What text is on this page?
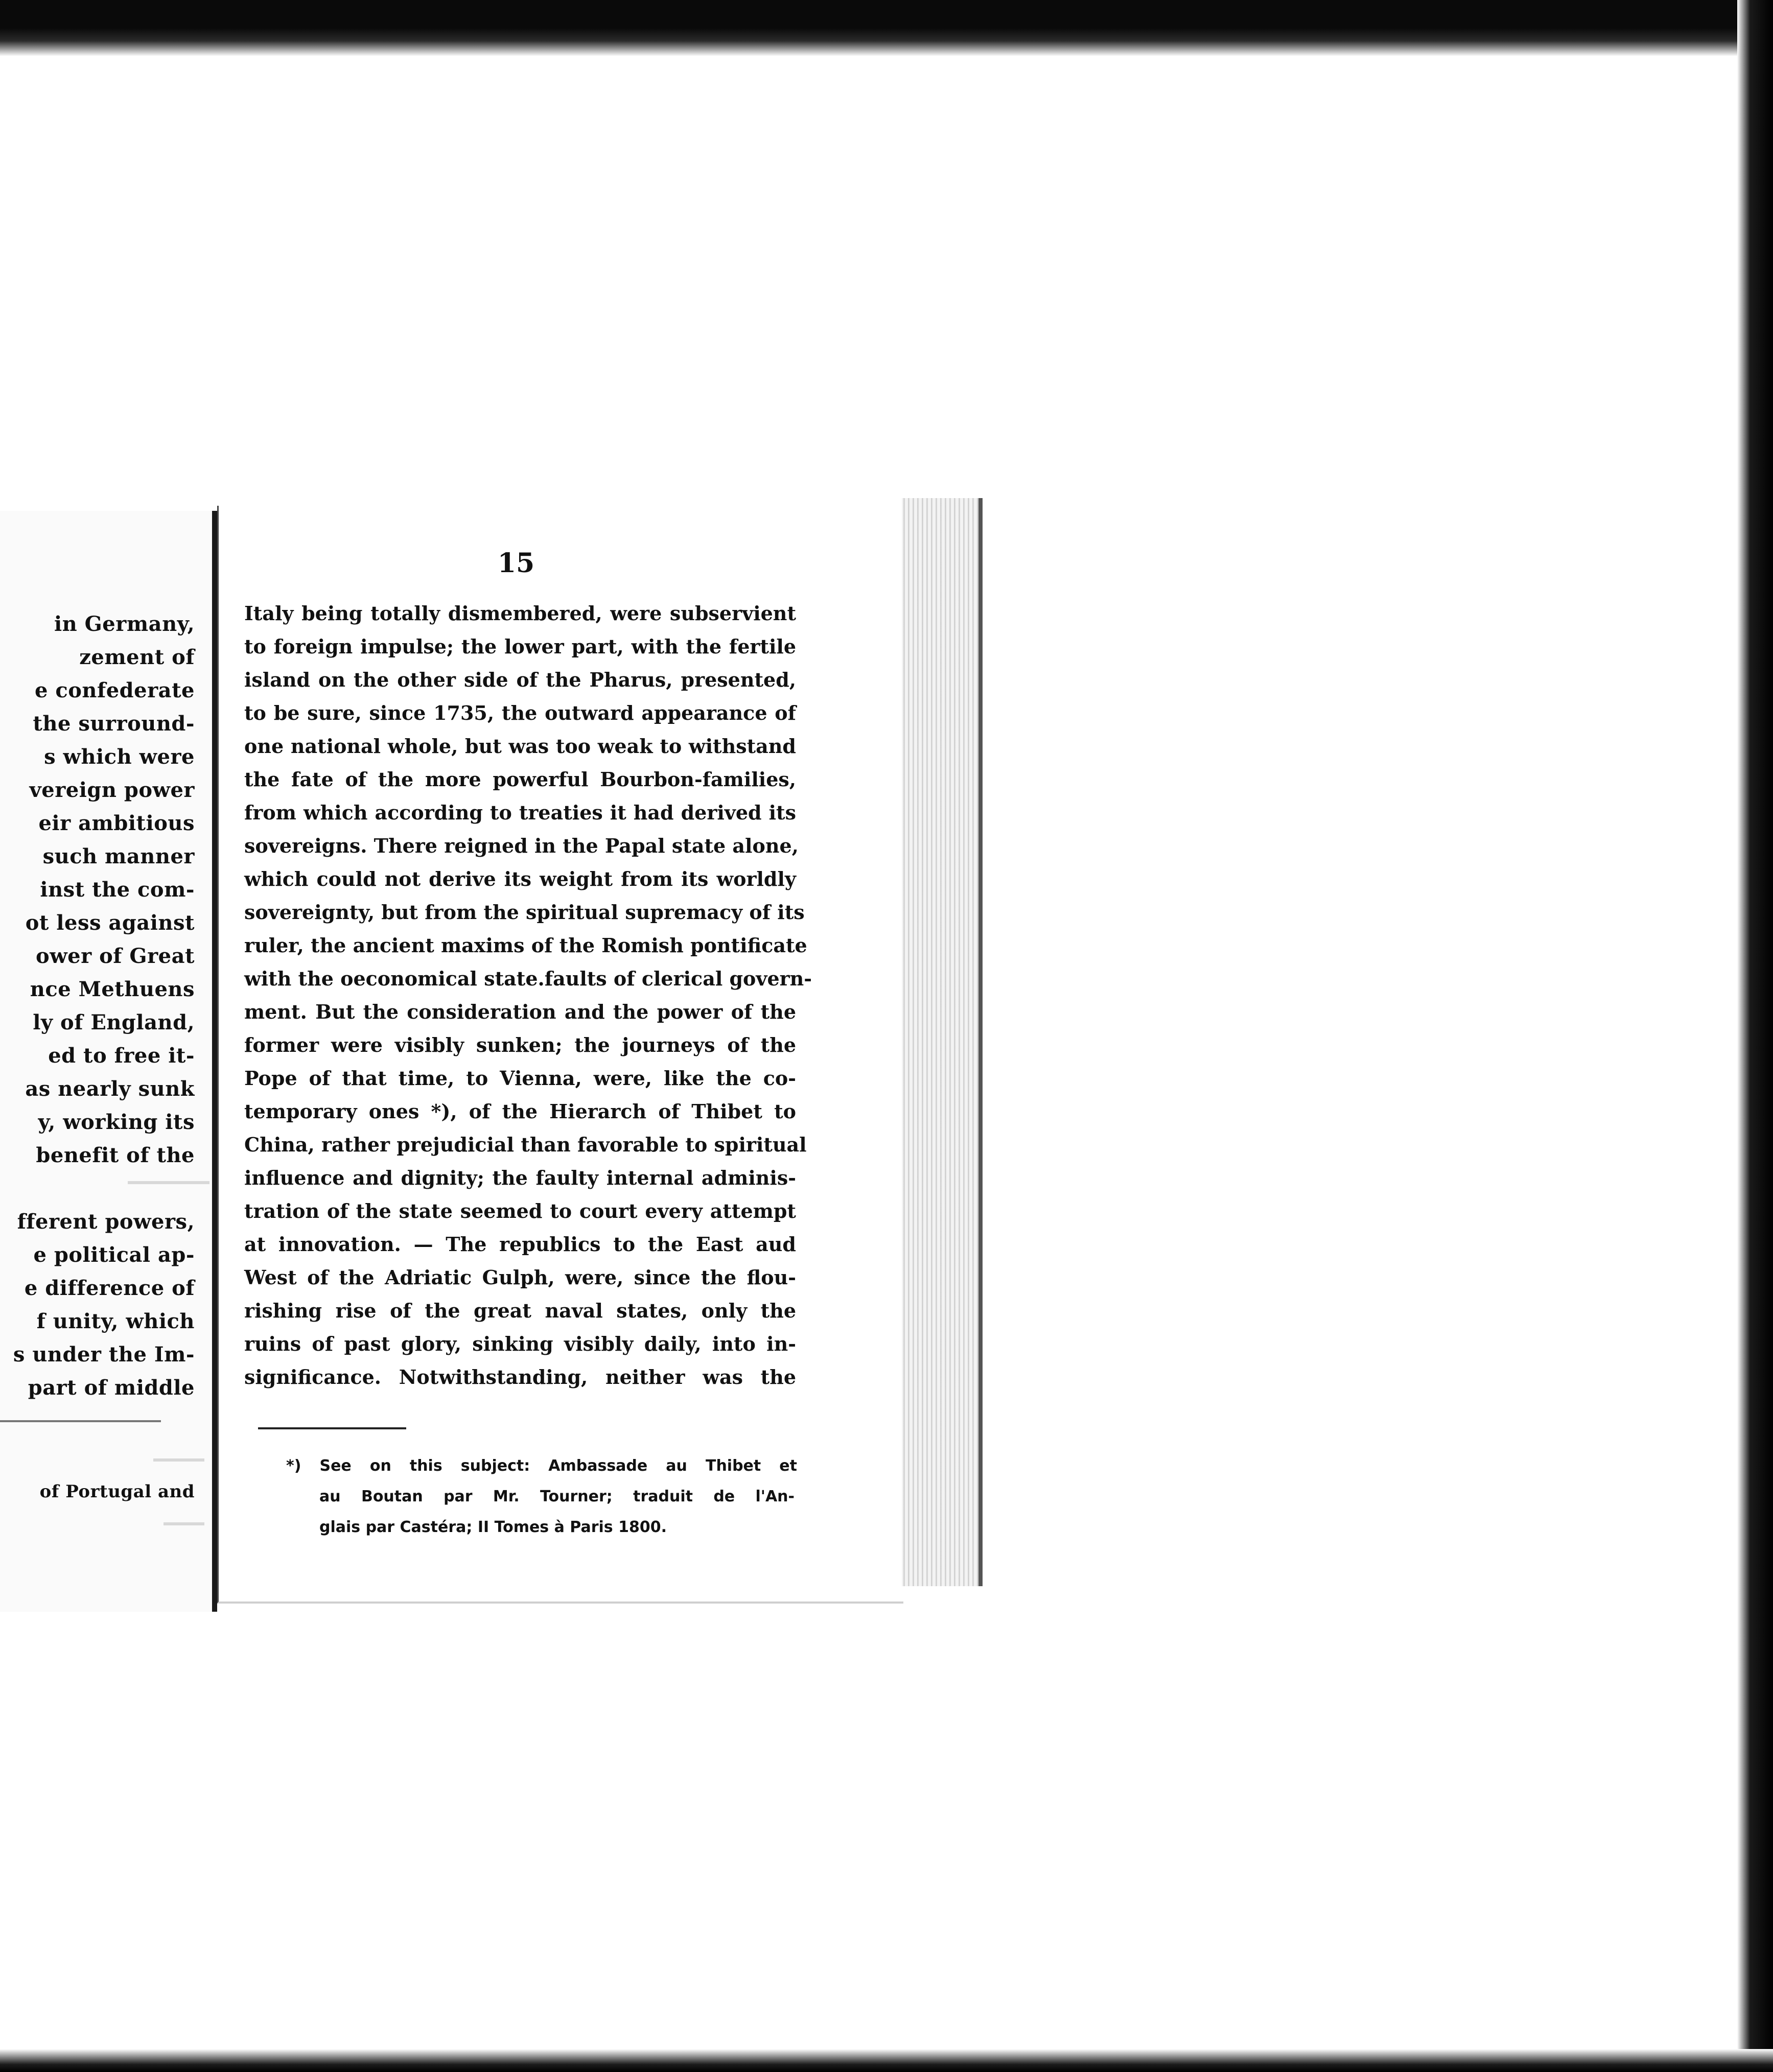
in Germany,
zement of
e confederate
the surround-
s which were
vereign power
eir ambitious
such manner
inst the com-
ot less against
ower of Great
nce Methuens
ly of England,
ed to free it-
as nearly sunk
y, working its
benefit of the
fferent powers,
e political ap-
e difference of
f unity, which
s under the Im-
part of middle
of Portugal and
15
Italy being totally dismembered, were subservient
to foreign impulse; the lower part, with the fertile
island on the other side of the Pharus, presented,
to be sure, since 1735, the outward appearance of
one national whole, but was too weak to withstand
the fate of the more powerful Bourbon-families,
from which according to treaties it had derived its
sovereigns. There reigned in the Papal state alone,
which could not derive its weight from its worldly
sovereignty, but from the spiritual supremacy of its
ruler, the ancient maxims of the Romish pontificate
with the oeconomical state.faults of clerical govern-
ment. But the consideration and the power of the
former were visibly sunken; the journeys of the
Pope of that time, to Vienna, were, like the co-
temporary ones *), of the Hierarch of Thibet to
China, rather prejudicial than favorable to spiritual
influence and dignity; the faulty internal adminis-
tration of the state seemed to court every attempt
at innovation. — The republics to the East aud
West of the Adriatic Gulph, were, since the flou-
rishing rise of the great naval states, only the
ruins of past glory, sinking visibly daily, into in-
significance. Notwithstanding, neither was the
*) See on this subject: Ambassade au Thibet et
au Boutan par Mr. Tourner; traduit de l'An-
glais par Castéra; II Tomes à Paris 1800.
